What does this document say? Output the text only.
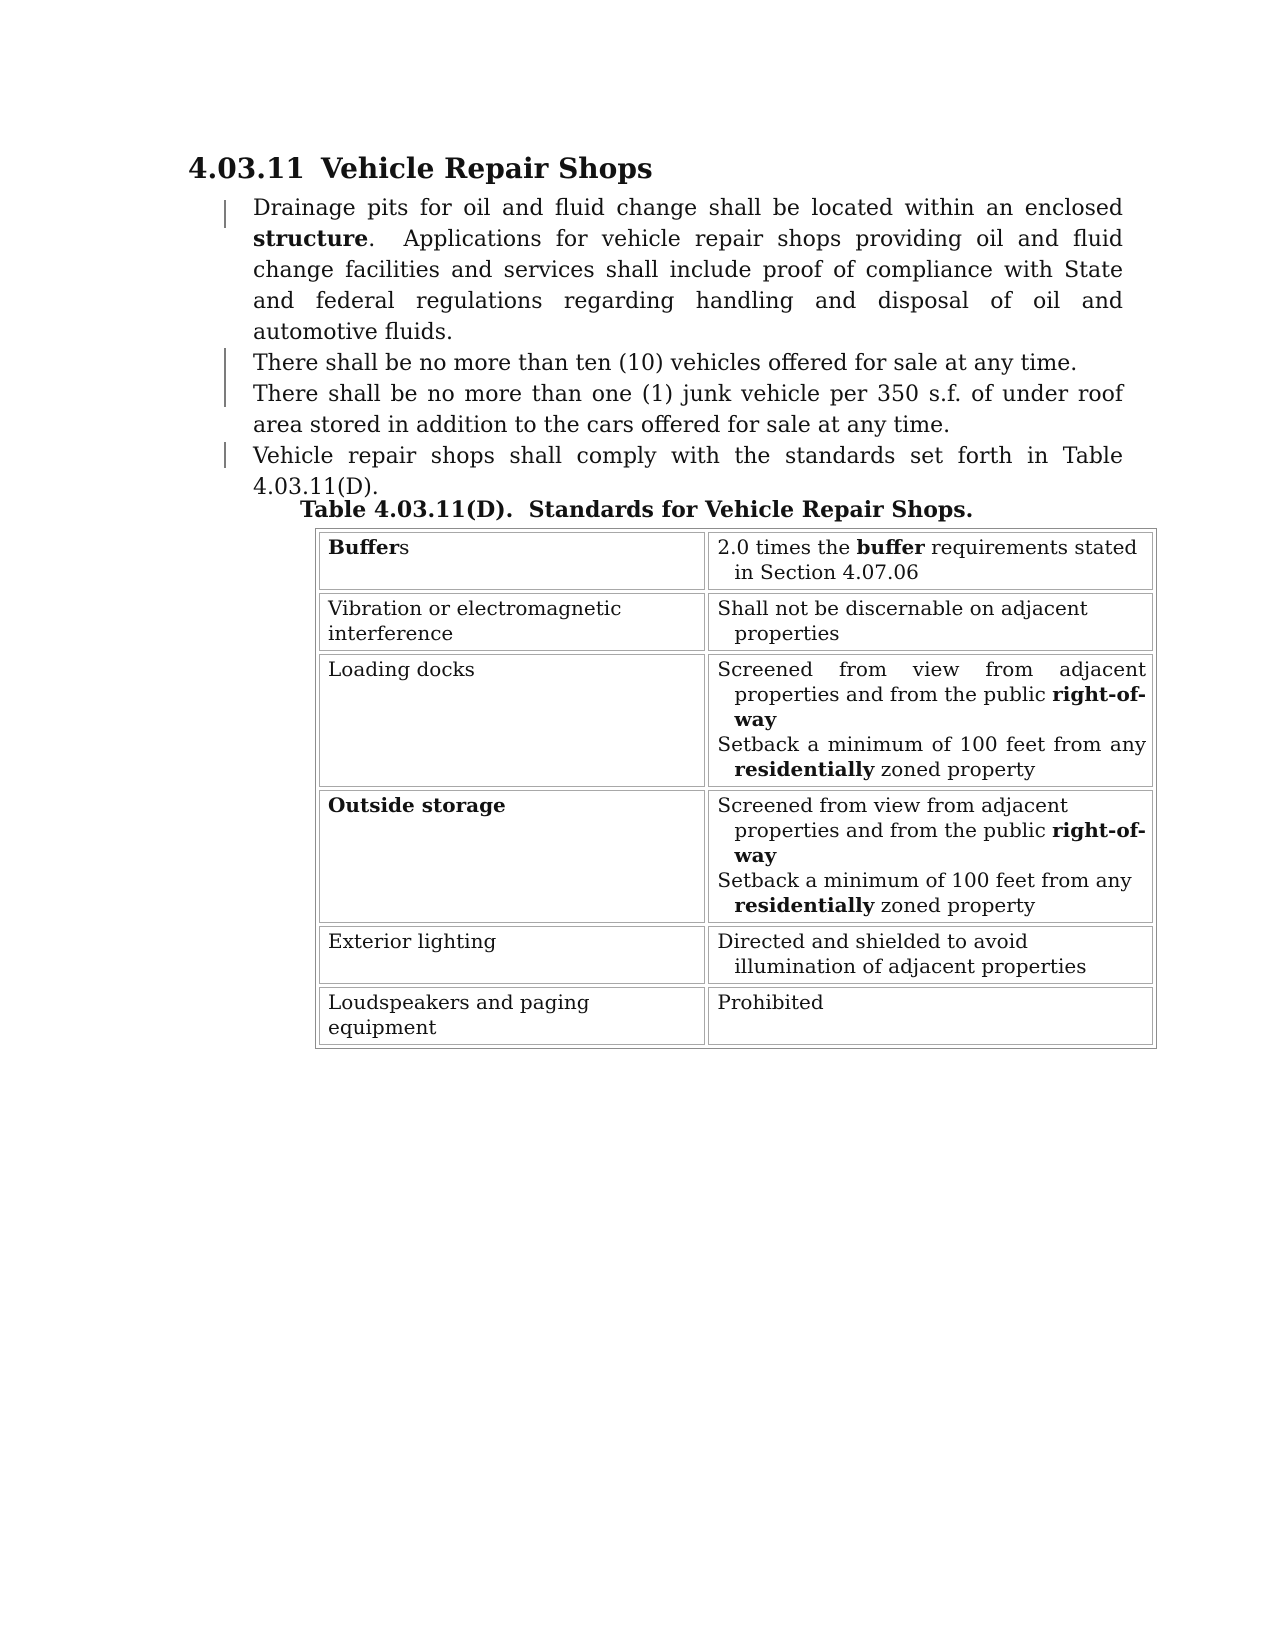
4.03.11 Vehicle Repair Shops

Drainage pits for oil and fluid change shall be located within an enclosed structure.  Applications for vehicle repair shops providing oil and fluid change facilities and services shall include proof of compliance with State and federal regulations regarding handling and disposal of oil and automotive fluids.

There shall be no more than ten (10) vehicles offered for sale at any time.

There shall be no more than one (1) junk vehicle per 350 s.f. of under roof area stored in addition to the cars offered for sale at any time.

Vehicle repair shops shall comply with the standards set forth in Table 4.03.11(D).

Table 4.03.11(D).  Standards for Vehicle Repair Shops.
Buffers	2.0 times the buffer requirements stated in Section 4.07.06

Vibration or electromagnetic interference	Shall not be discernable on adjacent properties

Loading docks	Screened from view from adjacent properties and from the public right-of-way
Setback a minimum of 100 feet from any residentially zoned property

Outside storage	Screened from view from adjacent properties and from the public right-of-way
Setback a minimum of 100 feet from any residentially zoned property

Exterior lighting	Directed and shielded to avoid illumination of adjacent properties

Loudspeakers and paging equipment	Prohibited
